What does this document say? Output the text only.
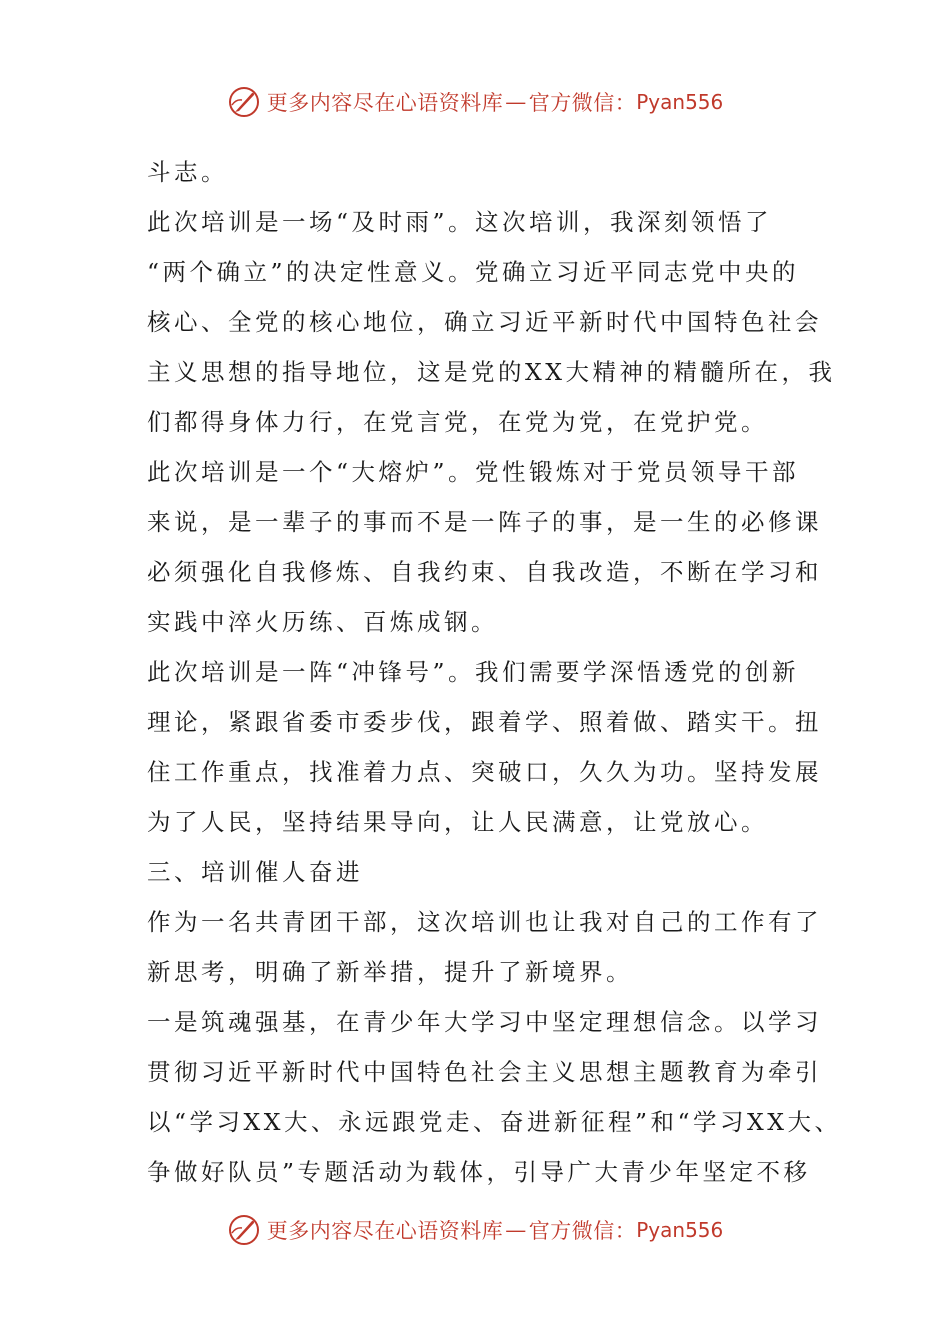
更多内容尽在心语资料库 — 官方微信： Pyan556
斗志。
此次培训是一场“及时雨”。这次培训，我深刻领悟了
“两个确立”的决定性意义。党确立习近平同志党中央的
核心、全党的核心地位，确立习近平新时代中国特色社会
主义思想的指导地位，这是党的XX大精神的精髓所在，我
们都得身体力行，在党言党，在党为党，在党护党。
此次培训是一个“大熔炉”。党性锻炼对于党员领导干部
来说，是一辈子的事而不是一阵子的事，是一生的必修课
必须强化自我修炼、自我约束、自我改造，不断在学习和
实践中淬火历练、百炼成钢。
此次培训是一阵“冲锋号”。我们需要学深悟透党的创新
理论，紧跟省委市委步伐，跟着学、照着做、踏实干。扭
住工作重点，找准着力点、突破口，久久为功。坚持发展
为了人民，坚持结果导向，让人民满意，让党放心。
三、培训催人奋进
作为一名共青团干部，这次培训也让我对自己的工作有了
新思考，明确了新举措，提升了新境界。
一是筑魂强基，在青少年大学习中坚定理想信念。以学习
贯彻习近平新时代中国特色社会主义思想主题教育为牵引
以“学习XX大、永远跟党走、奋进新征程”和“学习XX大、
争做好队员”专题活动为载体，引导广大青少年坚定不移
更多内容尽在心语资料库 — 官方微信： Pyan556
